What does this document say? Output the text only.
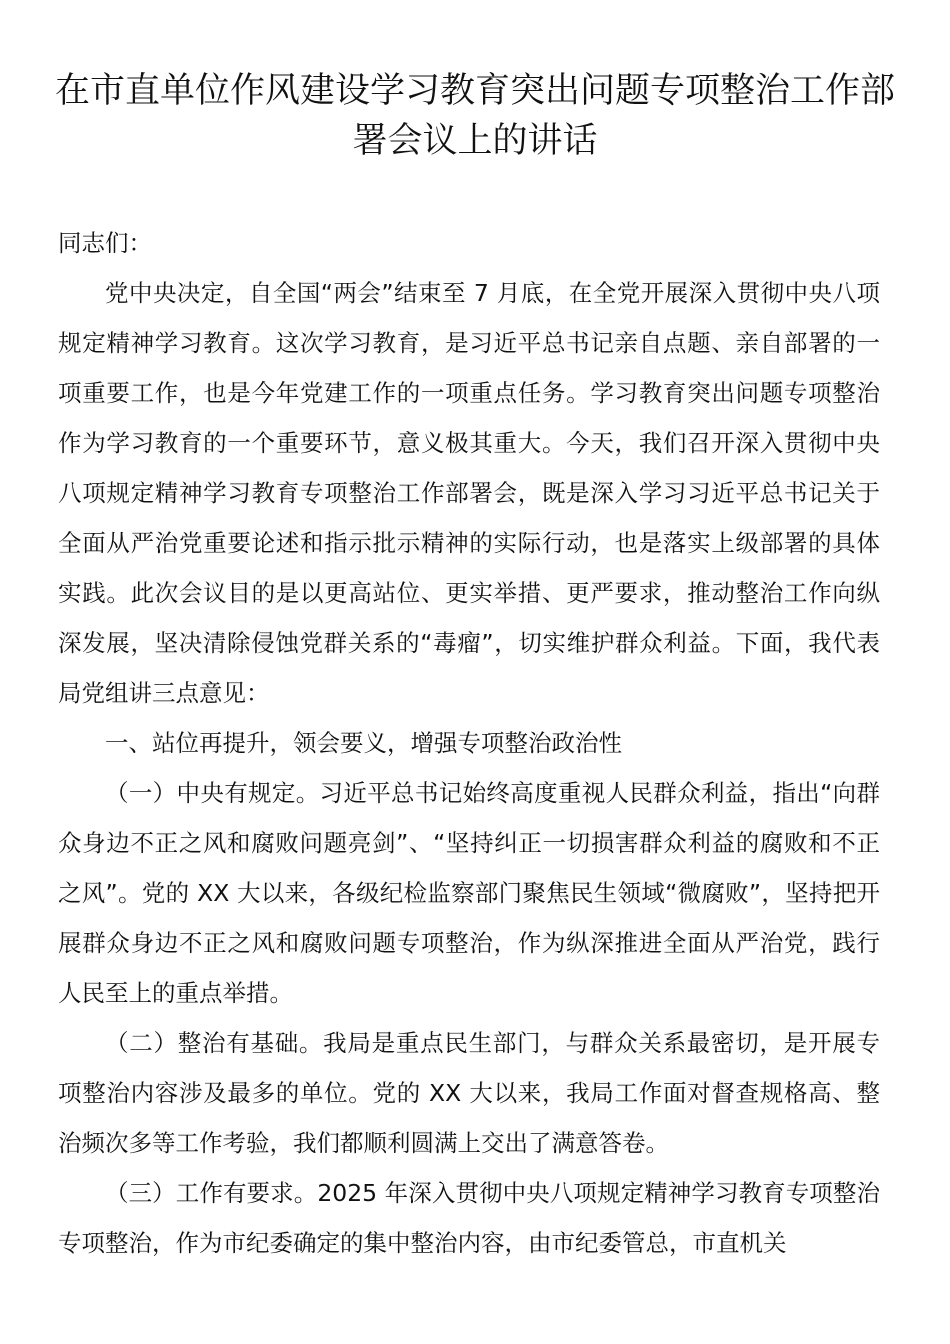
在市直单位作风建设学习教育突出问题专项整治工作部署会议上的讲话

同志们：

党中央决定，自全国“两会”结束至 7 月底，在全党开展深入贯彻中央八项规定精神学习教育。这次学习教育，是习近平总书记亲自点题、亲自部署的一项重要工作，也是今年党建工作的一项重点任务。学习教育突出问题专项整治作为学习教育的一个重要环节，意义极其重大。今天，我们召开深入贯彻中央八项规定精神学习教育专项整治工作部署会，既是深入学习习近平总书记关于全面从严治党重要论述和指示批示精神的实际行动，也是落实上级部署的具体实践。此次会议目的是以更高站位、更实举措、更严要求，推动整治工作向纵深发展，坚决清除侵蚀党群关系的“毒瘤”，切实维护群众利益。下面，我代表局党组讲三点意见：

一、站位再提升，领会要义，增强专项整治政治性

（一）中央有规定。习近平总书记始终高度重视人民群众利益，指出“向群众身边不正之风和腐败问题亮剑”、“坚持纠正一切损害群众利益的腐败和不正之风”。党的 XX 大以来，各级纪检监察部门聚焦民生领域“微腐败”，坚持把开展群众身边不正之风和腐败问题专项整治，作为纵深推进全面从严治党，践行人民至上的重点举措。

（二）整治有基础。我局是重点民生部门，与群众关系最密切，是开展专项整治内容涉及最多的单位。党的 XX 大以来，我局工作面对督查规格高、整治频次多等工作考验，我们都顺利圆满上交出了满意答卷。

（三）工作有要求。2025 年深入贯彻中央八项规定精神学习教育专项整治专项整治，作为市纪委确定的集中整治内容，由市纪委管总，市直机关
